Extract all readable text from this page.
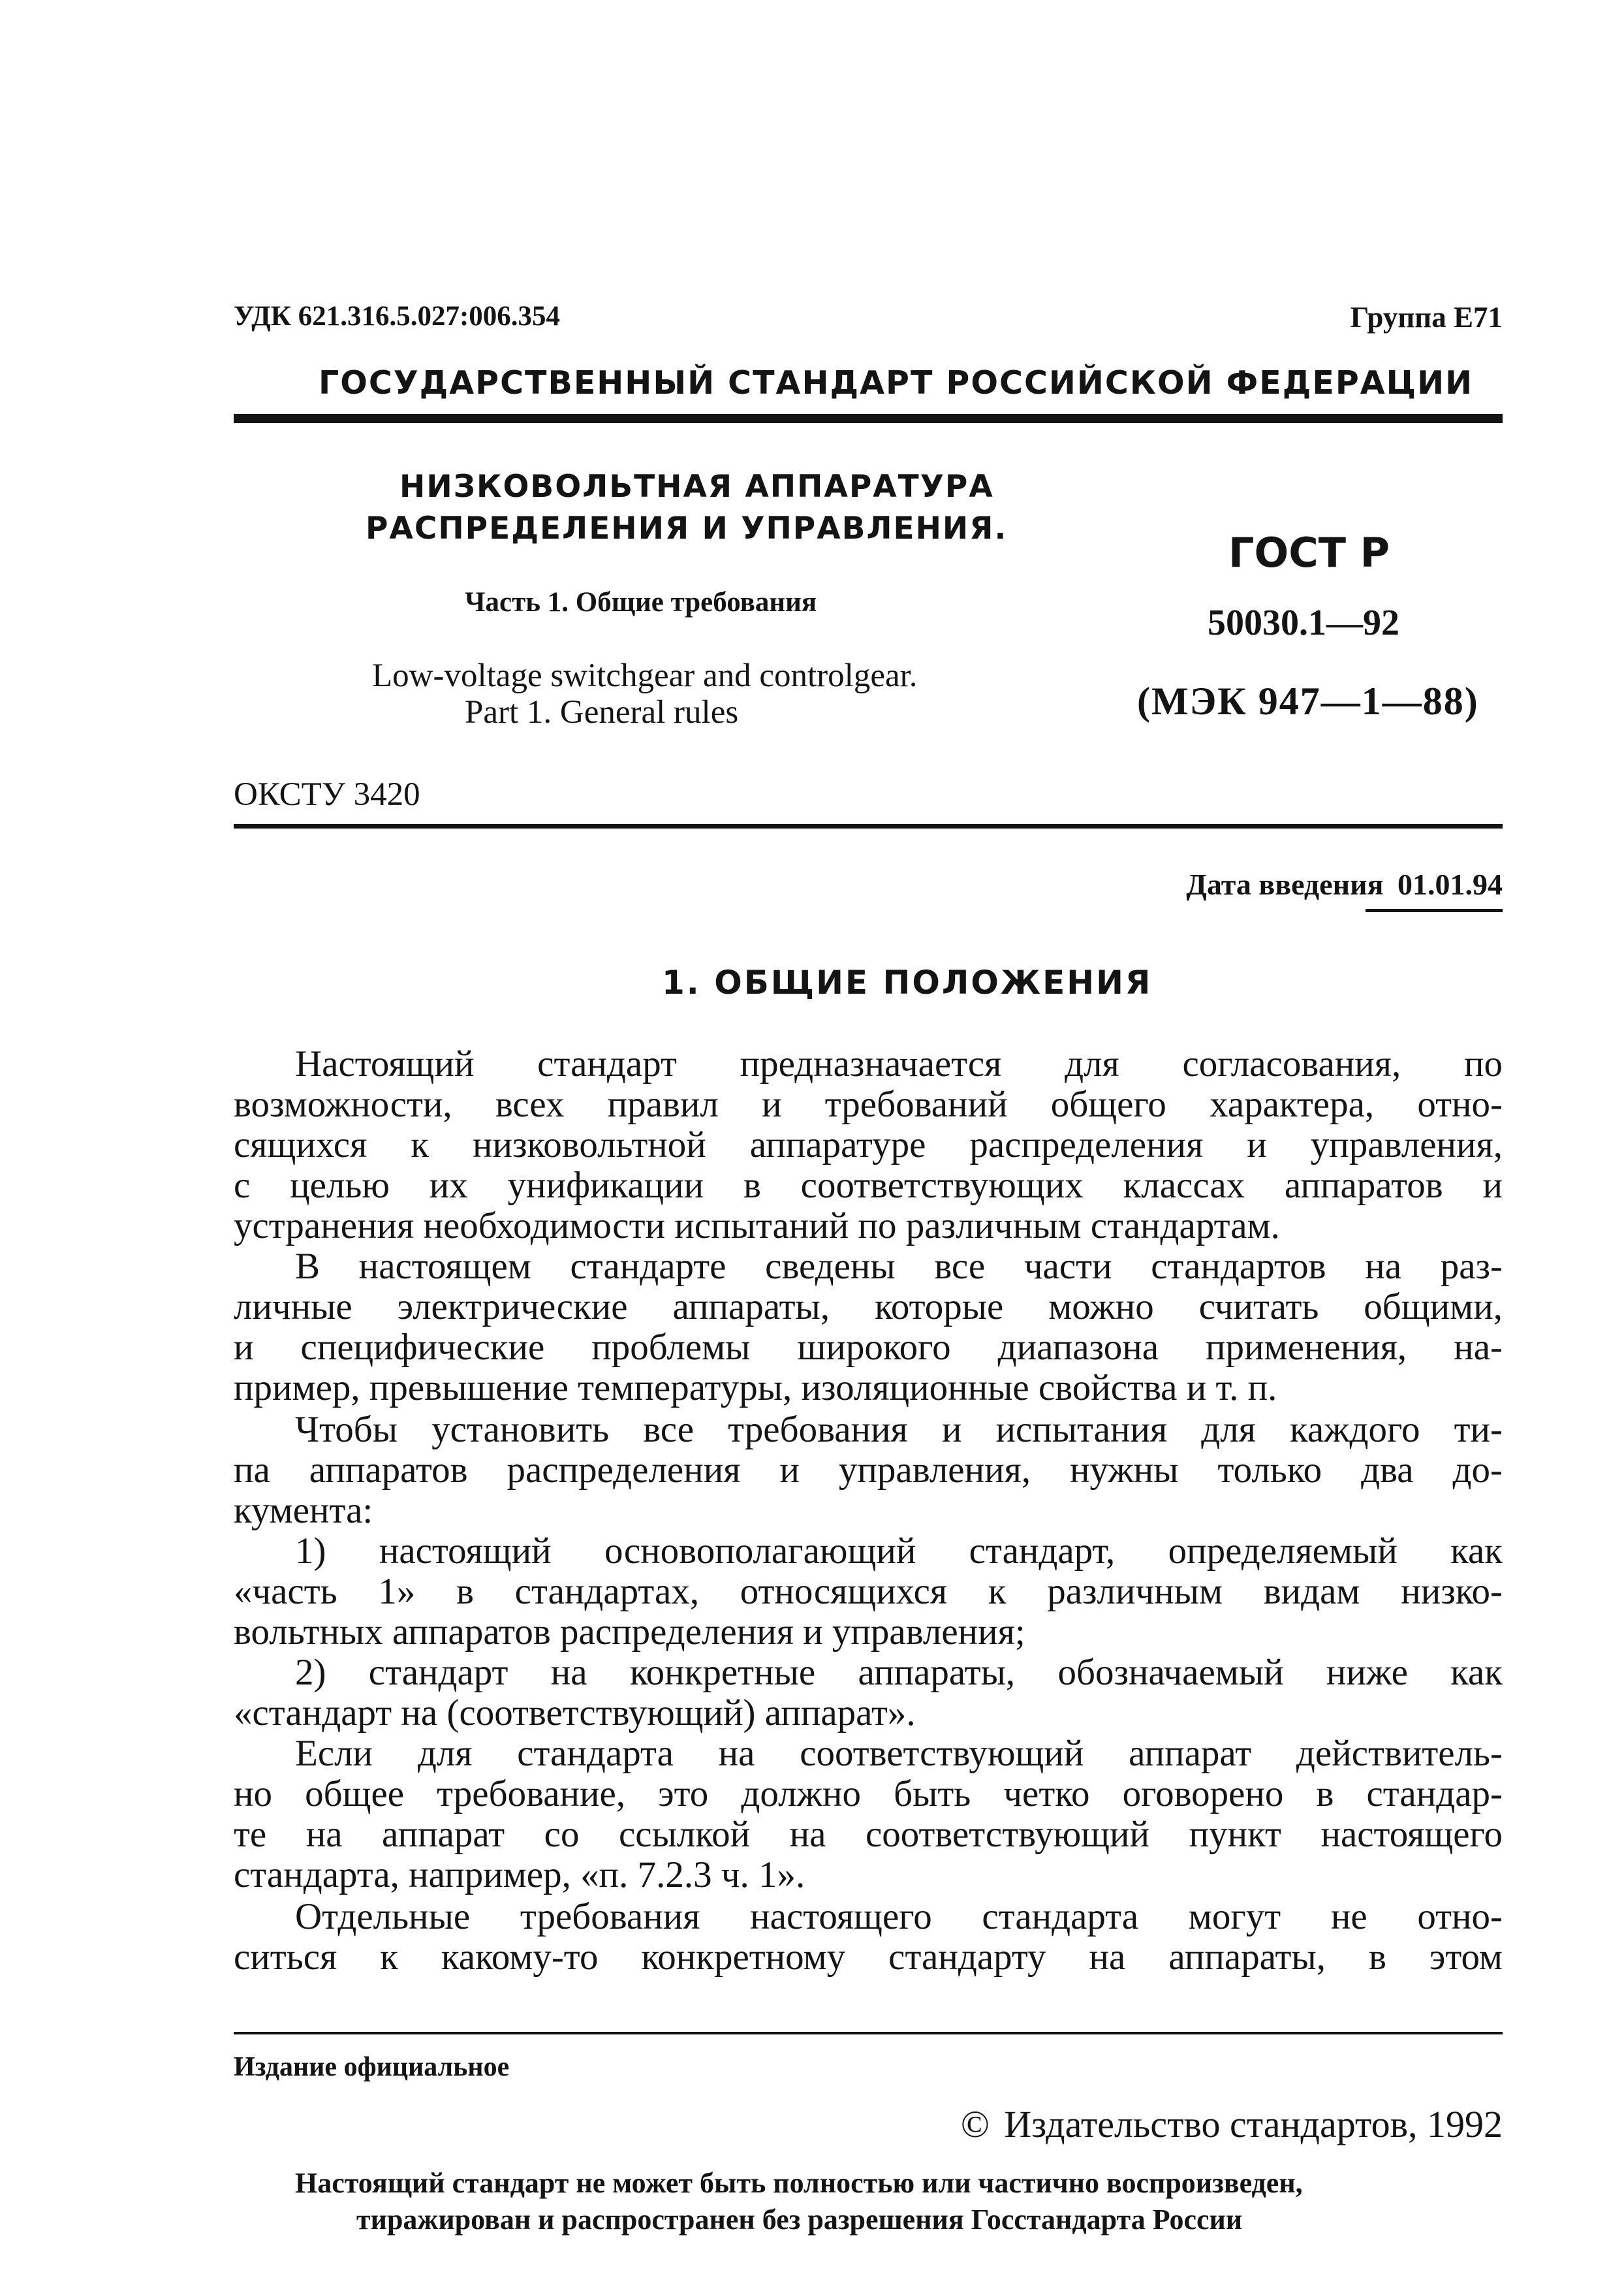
УДК 621.316.5.027:006.354	Группа Е71
ГОСУДАРСТВЕННЫЙ СТАНДАРТ РОССИЙСКОЙ ФЕДЕРАЦИИ
НИЗКОВОЛЬТНАЯ АППАРАТУРА
РАСПРЕДЕЛЕНИЯ И УПРАВЛЕНИЯ.
Часть 1. Общие требования
Low-voltage switchgear and controlgear.
Part 1. General rules
ГОСТ Р
50030.1—92
(МЭК 947—1—88)
ОКСТУ 3420
Дата введения 01.01.94
1. ОБЩИЕ ПОЛОЖЕНИЯ
Настоящий стандарт предназначается для согласования, по
возможности, всех правил и требований общего характера, отно-
сящихся к низковольтной аппаратуре распределения и управления,
с целью их унификации в соответствующих классах аппаратов и
устранения необходимости испытаний по различным стандартам.
В настоящем стандарте сведены все части стандартов на раз-
личные электрические аппараты, которые можно считать общими,
и специфические проблемы широкого диапазона применения, на-
пример, превышение температуры, изоляционные свойства и т. п.
Чтобы установить все требования и испытания для каждого ти-
па аппаратов распределения и управления, нужны только два до-
кумента:
1) настоящий основополагающий стандарт, определяемый как
«часть 1» в стандартах, относящихся к различным видам низко-
вольтных аппаратов распределения и управления;
2) стандарт на конкретные аппараты, обозначаемый ниже как
«стандарт на (соответствующий) аппарат».
Если для стандарта на соответствующий аппарат действитель-
но общее требование, это должно быть четко оговорено в стандар-
те на аппарат со ссылкой на соответствующий пункт настоящего
стандарта, например, «п. 7.2.3 ч. 1».
Отдельные требования настоящего стандарта могут не отно-
ситься к какому-то конкретному стандарту на аппараты, в этом
Издание официальное
© Издательство стандартов, 1992
Настоящий стандарт не может быть полностью или частично воспроизведен,
тиражирован и распространен без разрешения Госстандарта России
